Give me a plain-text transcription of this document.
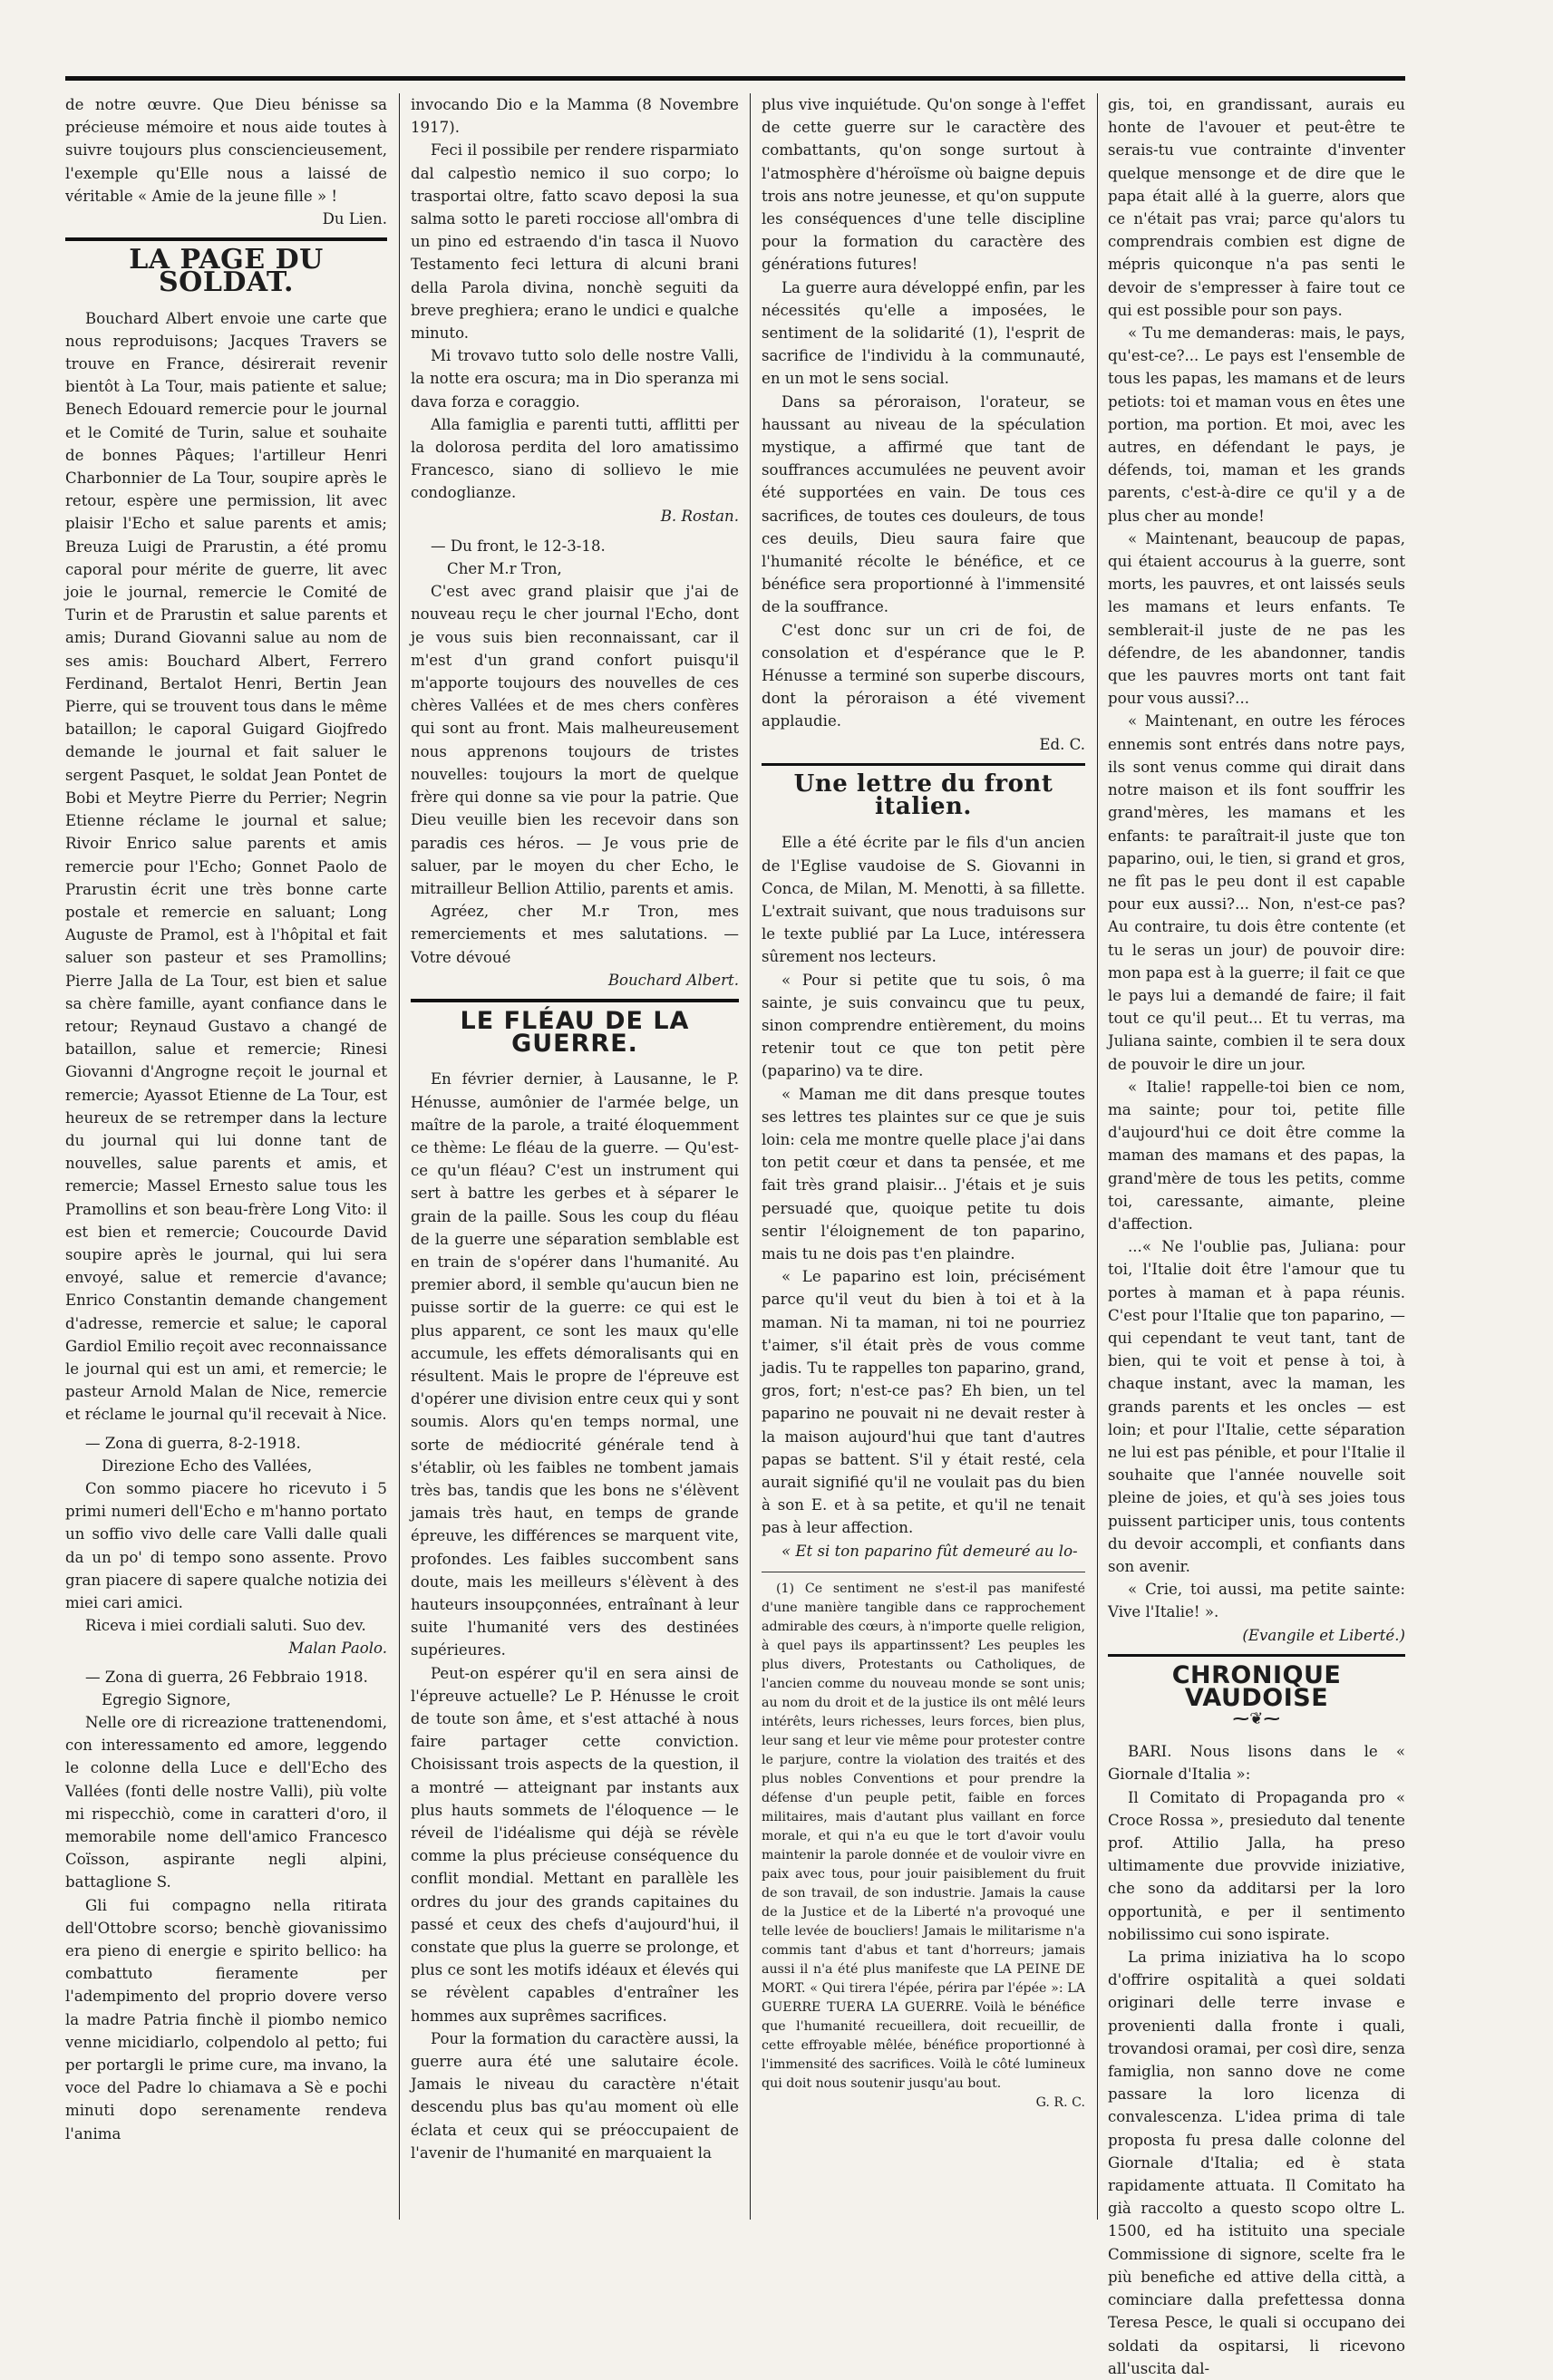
de notre œuvre. Que Dieu bénisse sa précieuse mémoire et nous aide toutes à suivre toujours plus consciencieusement, l'exemple qu'Elle nous a laissé de véritable « Amie de la jeune fille » !

Du Lien.

LA PAGE DU SOLDAT.

Bouchard Albert envoie une carte que nous reproduisons; Jacques Travers se trouve en France, désirerait revenir bientôt à La Tour, mais patiente et salue; Benech Edouard remercie pour le journal et le Comité de Turin, salue et souhaite de bonnes Pâques; l'artilleur Henri Charbonnier de La Tour, soupire après le retour, espère une permission, lit avec plaisir l'Echo et salue parents et amis; Breuza Luigi de Prarustin, a été promu caporal pour mérite de guerre, lit avec joie le journal, remercie le Comité de Turin et de Prarustin et salue parents et amis; Durand Giovanni salue au nom de ses amis: Bouchard Albert, Ferrero Ferdinand, Bertalot Henri, Bertin Jean Pierre, qui se trouvent tous dans le même bataillon; le caporal Guigard Giojfredo demande le journal et fait saluer le sergent Pasquet, le soldat Jean Pontet de Bobi et Meytre Pierre du Perrier; Negrin Etienne réclame le journal et salue; Rivoir Enrico salue parents et amis remercie pour l'Echo; Gonnet Paolo de Prarustin écrit une très bonne carte postale et remercie en saluant; Long Auguste de Pramol, est à l'hôpital et fait saluer son pasteur et ses Pramollins; Pierre Jalla de La Tour, est bien et salue sa chère famille, ayant confiance dans le retour; Reynaud Gustavo a changé de bataillon, salue et remercie; Rinesi Giovanni d'Angrogne reçoit le journal et remercie; Ayassot Etienne de La Tour, est heureux de se retremper dans la lecture du journal qui lui donne tant de nouvelles, salue parents et amis, et remercie; Massel Ernesto salue tous les Pramollins et son beau-frère Long Vito: il est bien et remercie; Coucourde David soupire après le journal, qui lui sera envoyé, salue et remercie d'avance; Enrico Constantin demande changement d'adresse, remercie et salue; le caporal Gardiol Emilio reçoit avec reconnaissance le journal qui est un ami, et remercie; le pasteur Arnold Malan de Nice, remercie et réclame le journal qu'il recevait à Nice.

— Zona di guerra, 8-2-1918.

Direzione Echo des Vallées,

Con sommo piacere ho ricevuto i 5 primi numeri dell'Echo e m'hanno portato un soffio vivo delle care Valli dalle quali da un po' di tempo sono assente. Provo gran piacere di sapere qualche notizia dei miei cari amici.

Riceva i miei cordiali saluti. Suo dev.

Malan Paolo.

— Zona di guerra, 26 Febbraio 1918.

Egregio Signore,

Nelle ore di ricreazione trattenendomi, con interessamento ed amore, leggendo le colonne della Luce e dell'Echo des Vallées (fonti delle nostre Valli), più volte mi rispecchiò, come in caratteri d'oro, il memorabile nome dell'amico Francesco Coïsson, aspirante negli alpini, battaglione S.

Gli fui compagno nella ritirata dell'Ottobre scorso; benchè giovanissimo era pieno di energie e spirito bellico: ha combattuto fieramente per l'adempimento del proprio dovere verso la madre Patria finchè il piombo nemico venne micidiarlo, colpendolo al petto; fui per portargli le prime cure, ma invano, la voce del Padre lo chiamava a Sè e pochi minuti dopo serenamente rendeva l'anima

invocando Dio e la Mamma (8 Novembre 1917).

Feci il possibile per rendere risparmiato dal calpestìo nemico il suo corpo; lo trasportai oltre, fatto scavo deposi la sua salma sotto le pareti rocciose all'ombra di un pino ed estraendo d'in tasca il Nuovo Testamento feci lettura di alcuni brani della Parola divina, nonchè seguiti da breve preghiera; erano le undici e qualche minuto.

Mi trovavo tutto solo delle nostre Valli, la notte era oscura; ma in Dio speranza mi dava forza e coraggio.

Alla famiglia e parenti tutti, afflitti per la dolorosa perdita del loro amatissimo Francesco, siano di sollievo le mie condoglianze.

B. Rostan.

— Du front, le 12-3-18.

Cher M.r Tron,

C'est avec grand plaisir que j'ai de nouveau reçu le cher journal l'Echo, dont je vous suis bien reconnaissant, car il m'est d'un grand confort puisqu'il m'apporte toujours des nouvelles de ces chères Vallées et de mes chers confères qui sont au front. Mais malheureusement nous apprenons toujours de tristes nouvelles: toujours la mort de quelque frère qui donne sa vie pour la patrie. Que Dieu veuille bien les recevoir dans son paradis ces héros. — Je vous prie de saluer, par le moyen du cher Echo, le mitrailleur Bellion Attilio, parents et amis.

Agréez, cher M.r Tron, mes remerciements et mes salutations. — Votre dévoué

Bouchard Albert.

LE FLÉAU DE LA GUERRE.

En février dernier, à Lausanne, le P. Hénusse, aumônier de l'armée belge, un maître de la parole, a traité éloquemment ce thème: Le fléau de la guerre. — Qu'est-ce qu'un fléau? C'est un instrument qui sert à battre les gerbes et à séparer le grain de la paille. Sous les coup du fléau de la guerre une séparation semblable est en train de s'opérer dans l'humanité. Au premier abord, il semble qu'aucun bien ne puisse sortir de la guerre: ce qui est le plus apparent, ce sont les maux qu'elle accumule, les effets démoralisants qui en résultent. Mais le propre de l'épreuve est d'opérer une division entre ceux qui y sont soumis. Alors qu'en temps normal, une sorte de médiocrité générale tend à s'établir, où les faibles ne tombent jamais très bas, tandis que les bons ne s'élèvent jamais très haut, en temps de grande épreuve, les différences se marquent vite, profondes. Les faibles succombent sans doute, mais les meilleurs s'élèvent à des hauteurs insoupçonnées, entraînant à leur suite l'humanité vers des destinées supérieures.

Peut-on espérer qu'il en sera ainsi de l'épreuve actuelle? Le P. Hénusse le croit de toute son âme, et s'est attaché à nous faire partager cette conviction. Choisissant trois aspects de la question, il a montré — atteignant par instants aux plus hauts sommets de l'éloquence — le réveil de l'idéalisme qui déjà se révèle comme la plus précieuse conséquence du conflit mondial. Mettant en parallèle les ordres du jour des grands capitaines du passé et ceux des chefs d'aujourd'hui, il constate que plus la guerre se prolonge, et plus ce sont les motifs idéaux et élevés qui se révèlent capables d'entraîner les hommes aux suprêmes sacrifices.

Pour la formation du caractère aussi, la guerre aura été une salutaire école. Jamais le niveau du caractère n'était descendu plus bas qu'au moment où elle éclata et ceux qui se préoccupaient de l'avenir de l'humanité en marquaient la

plus vive inquiétude. Qu'on songe à l'effet de cette guerre sur le caractère des combattants, qu'on songe surtout à l'atmosphère d'héroïsme où baigne depuis trois ans notre jeunesse, et qu'on suppute les conséquences d'une telle discipline pour la formation du caractère des générations futures!

La guerre aura développé enfin, par les nécessités qu'elle a imposées, le sentiment de la solidarité (1), l'esprit de sacrifice de l'individu à la communauté, en un mot le sens social.

Dans sa péroraison, l'orateur, se haussant au niveau de la spéculation mystique, a affirmé que tant de souffrances accumulées ne peuvent avoir été supportées en vain. De tous ces sacrifices, de toutes ces douleurs, de tous ces deuils, Dieu saura faire que l'humanité récolte le bénéfice, et ce bénéfice sera proportionné à l'immensité de la souffrance.

C'est donc sur un cri de foi, de consolation et d'espérance que le P. Hénusse a terminé son superbe discours, dont la péroraison a été vivement applaudie.

Ed. C.

Une lettre du front italien.

Elle a été écrite par le fils d'un ancien de l'Eglise vaudoise de S. Giovanni in Conca, de Milan, M. Menotti, à sa fillette. L'extrait suivant, que nous traduisons sur le texte publié par La Luce, intéressera sûrement nos lecteurs.

« Pour si petite que tu sois, ô ma sainte, je suis convaincu que tu peux, sinon comprendre entièrement, du moins retenir tout ce que ton petit père (paparino) va te dire.

« Maman me dit dans presque toutes ses lettres tes plaintes sur ce que je suis loin: cela me montre quelle place j'ai dans ton petit cœur et dans ta pensée, et me fait très grand plaisir... J'étais et je suis persuadé que, quoique petite tu dois sentir l'éloignement de ton paparino, mais tu ne dois pas t'en plaindre.

« Le paparino est loin, précisément parce qu'il veut du bien à toi et à la maman. Ni ta maman, ni toi ne pourriez t'aimer, s'il était près de vous comme jadis. Tu te rappelles ton paparino, grand, gros, fort; n'est-ce pas? Eh bien, un tel paparino ne pouvait ni ne devait rester à la maison aujourd'hui que tant d'autres papas se battent. S'il y était resté, cela aurait signifié qu'il ne voulait pas du bien à son E. et à sa petite, et qu'il ne tenait pas à leur affection.

« Et si ton paparino fût demeuré au lo-

(1) Ce sentiment ne s'est-il pas manifesté d'une manière tangible dans ce rapprochement admirable des cœurs, à n'importe quelle religion, à quel pays ils appartinssent? Les peuples les plus divers, Protestants ou Catholiques, de l'ancien comme du nouveau monde se sont unis; au nom du droit et de la justice ils ont mêlé leurs intérêts, leurs richesses, leurs forces, bien plus, leur sang et leur vie même pour protester contre le parjure, contre la violation des traités et des plus nobles Conventions et pour prendre la défense d'un peuple petit, faible en forces militaires, mais d'autant plus vaillant en force morale, et qui n'a eu que le tort d'avoir voulu maintenir la parole donnée et de vouloir vivre en paix avec tous, pour jouir paisiblement du fruit de son travail, de son industrie. Jamais la cause de la Justice et de la Liberté n'a provoqué une telle levée de boucliers! Jamais le militarisme n'a commis tant d'abus et tant d'horreurs; jamais aussi il n'a été plus manifeste que LA PEINE DE MORT. « Qui tirera l'épée, périra par l'épée »: LA GUERRE TUERA LA GUERRE. Voilà le bénéfice que l'humanité recueillera, doit recueillir, de cette effroyable mêlée, bénéfice proportionné à l'immensité des sacrifices. Voilà le côté lumineux qui doit nous soutenir jusqu'au bout.

G. R. C.

gis, toi, en grandissant, aurais eu honte de l'avouer et peut-être te serais-tu vue contrainte d'inventer quelque mensonge et de dire que le papa était allé à la guerre, alors que ce n'était pas vrai; parce qu'alors tu comprendrais combien est digne de mépris quiconque n'a pas senti le devoir de s'empresser à faire tout ce qui est possible pour son pays.

« Tu me demanderas: mais, le pays, qu'est-ce?... Le pays est l'ensemble de tous les papas, les mamans et de leurs petiots: toi et maman vous en êtes une portion, ma portion. Et moi, avec les autres, en défendant le pays, je défends, toi, maman et les grands parents, c'est-à-dire ce qu'il y a de plus cher au monde!

« Maintenant, beaucoup de papas, qui étaient accourus à la guerre, sont morts, les pauvres, et ont laissés seuls les mamans et leurs enfants. Te semblerait-il juste de ne pas les défendre, de les abandonner, tandis que les pauvres morts ont tant fait pour vous aussi?...

« Maintenant, en outre les féroces ennemis sont entrés dans notre pays, ils sont venus comme qui dirait dans notre maison et ils font souffrir les grand'mères, les mamans et les enfants: te paraîtrait-il juste que ton paparino, oui, le tien, si grand et gros, ne fît pas le peu dont il est capable pour eux aussi?... Non, n'est-ce pas? Au contraire, tu dois être contente (et tu le seras un jour) de pouvoir dire: mon papa est à la guerre; il fait ce que le pays lui a demandé de faire; il fait tout ce qu'il peut... Et tu verras, ma Juliana sainte, combien il te sera doux de pouvoir le dire un jour.

« Italie! rappelle-toi bien ce nom, ma sainte; pour toi, petite fille d'aujourd'hui ce doit être comme la maman des mamans et des papas, la grand'mère de tous les petits, comme toi, caressante, aimante, pleine d'affection.

...« Ne l'oublie pas, Juliana: pour toi, l'Italie doit être l'amour que tu portes à maman et à papa réunis. C'est pour l'Italie que ton paparino, — qui cependant te veut tant, tant de bien, qui te voit et pense à toi, à chaque instant, avec la maman, les grands parents et les oncles — est loin; et pour l'Italie, cette séparation ne lui est pas pénible, et pour l'Italie il souhaite que l'année nouvelle soit pleine de joies, et qu'à ses joies tous puissent participer unis, tous contents du devoir accompli, et confiants dans son avenir.

« Crie, toi aussi, ma petite sainte: Vive l'Italie! ».

(Evangile et Liberté.)

CHRONIQUE VAUDOISE
⁓❦⁓

BARI. Nous lisons dans le « Giornale d'Italia »:

Il Comitato di Propaganda pro « Croce Rossa », presieduto dal tenente prof. Attilio Jalla, ha preso ultimamente due provvide iniziative, che sono da additarsi per la loro opportunità, e per il sentimento nobilissimo cui sono ispirate.

La prima iniziativa ha lo scopo d'offrire ospitalità a quei soldati originari delle terre invase e provenienti dalla fronte i quali, trovandosi oramai, per così dire, senza famiglia, non sanno dove ne come passare la loro licenza di convalescenza. L'idea prima di tale proposta fu presa dalle colonne del Giornale d'Italia; ed è stata rapidamente attuata. Il Comitato ha già raccolto a questo scopo oltre L. 1500, ed ha istituito una speciale Commissione di signore, scelte fra le più benefiche ed attive della città, a cominciare dalla prefettessa donna Teresa Pesce, le quali si occupano dei soldati da ospitarsi, li ricevono all'uscita dal-
